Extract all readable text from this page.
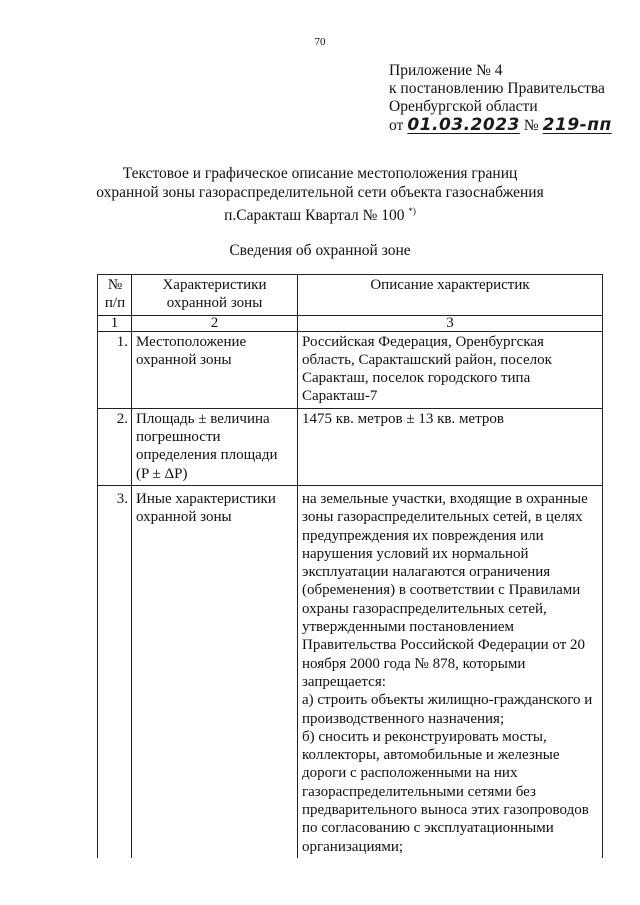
70
Приложение № 4
к постановлению Правительства
Оренбургской области
от 01.03.2023 № 219-пп
Текстовое и графическое описание местоположения границ
охранной зоны газораспределительной сети объекта газоснабжения
п.Саракташ Квартал № 100 *)
Сведения об охранной зоне
№ п/п	Характеристики охранной зоны	Описание характеристик
1	2	3
1.	Местоположение охранной зоны	Российская Федерация, Оренбургская область, Саракташский район, поселок Саракташ, поселок городского типа Саракташ-7

2.	Площадь ± величина погрешности определения площади (P ± ΔP)	1475 кв. метров ± 13 кв. метров

3.	Иные характеристики охранной зоны	на земельные участки, входящие в охранные зоны газораспределительных сетей, в целях предупреждения их повреждения или нарушения условий их нормальной эксплуатации налагаются ограничения (обременения) в соответствии с Правилами охраны газораспределительных сетей, утвержденными постановлением Правительства Российской Федерации от 20 ноября 2000 года № 878, которыми запрещается:
а) строить объекты жилищно-гражданского и производственного назначения;
б) сносить и реконструировать мосты, коллекторы, автомобильные и железные дороги с расположенными на них газораспределительными сетями без предварительного выноса этих газопроводов по согласованию с эксплуатационными организациями;
